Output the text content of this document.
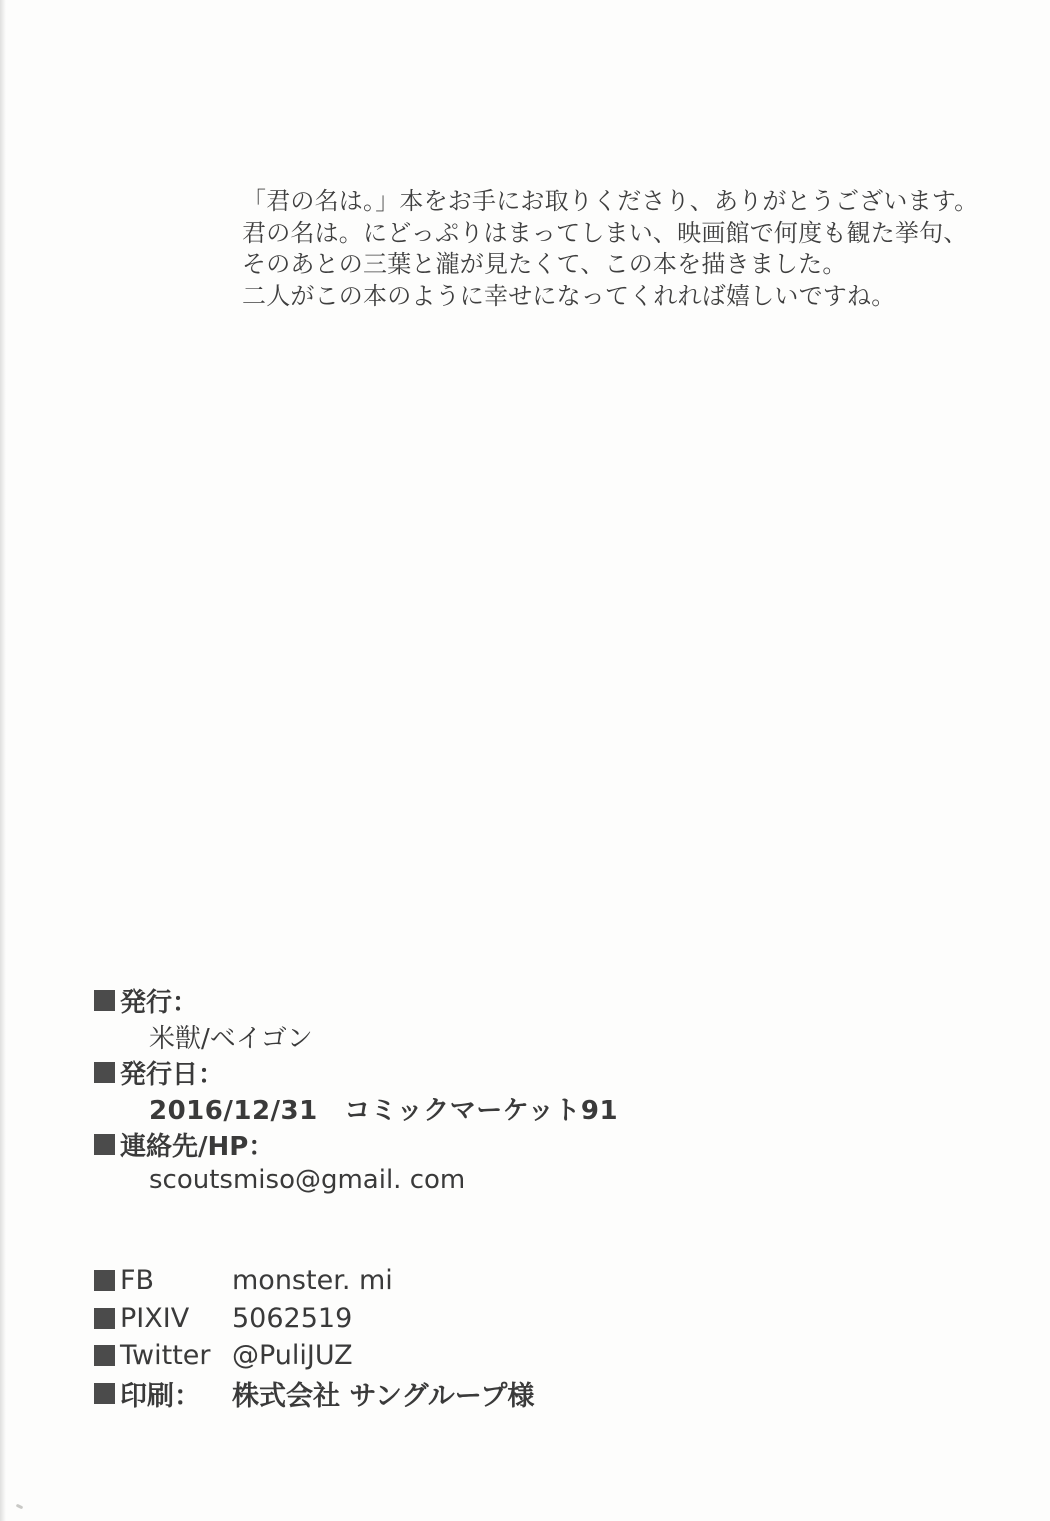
「君の名は。」本をお手にお取りくださり、ありがとうございます。
君の名は。にどっぷりはまってしまい、映画館で何度も観た挙句、
そのあとの三葉と瀧が見たくて、この本を描きました。
二人がこの本のように幸せになってくれれば嬉しいですね。
発行：
米獣/ベイゴン
発行日：
2016/12/31　コミックマーケット91
連絡先/HP：
scoutsmiso@gmail. com
FB	monster. mi
PIXIV 5062519
Twitter @PuliJUZ
印刷： 株式会社 サングループ様
